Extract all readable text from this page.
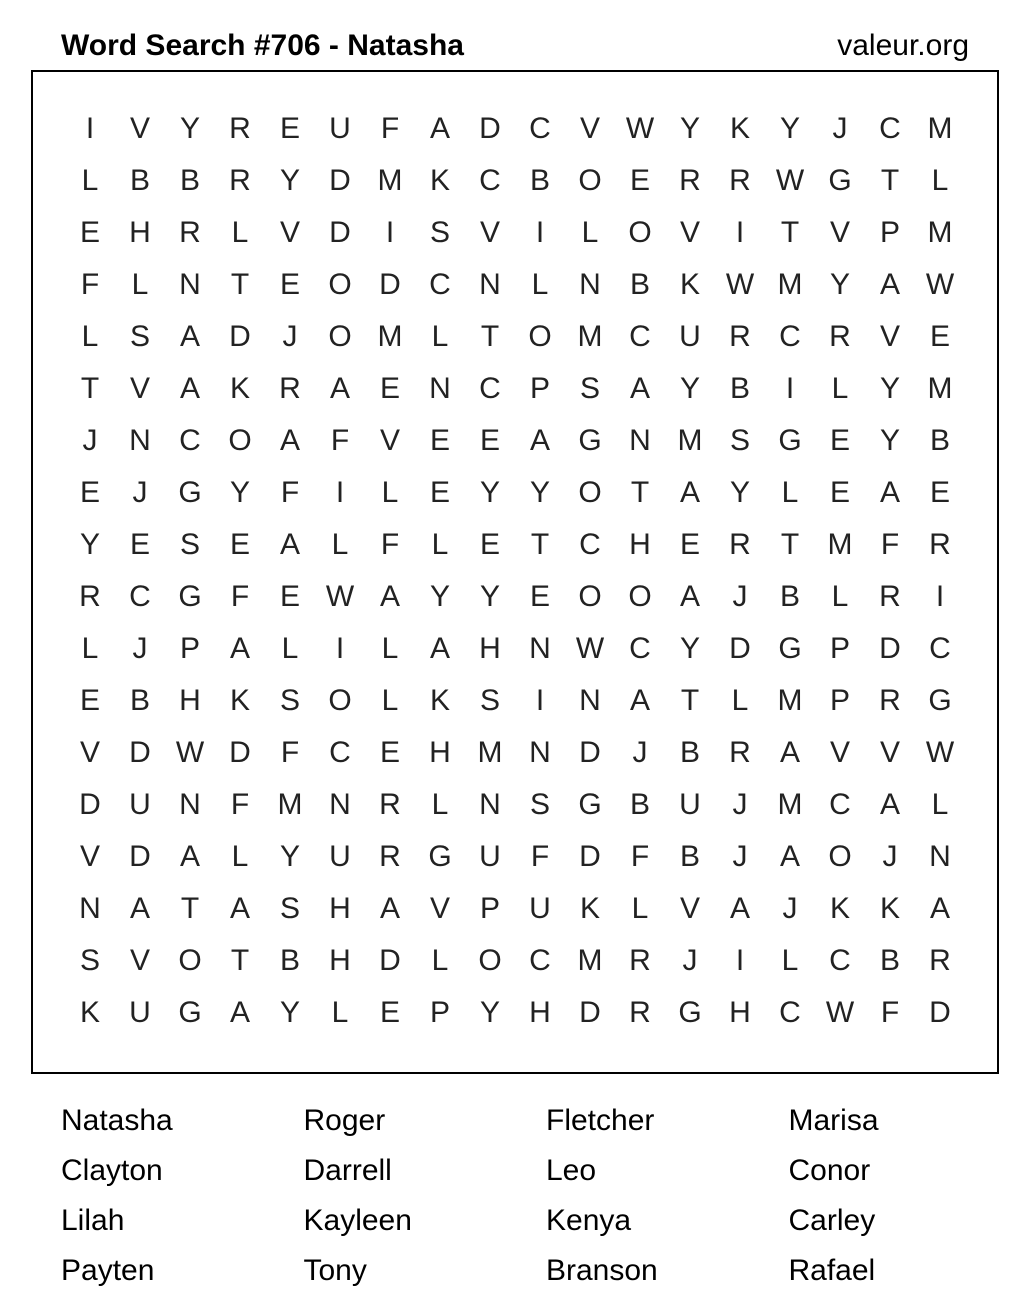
Word Search #706 - Natasha	valeur.org
I	V Y R E U	F	A D C V W Y K Y	J	C M
L	B B R Y D M K C B O E R R W G T	L
E H R	L	V D	I	S V	I	L O V	I	T	V P M
F	L	N	T	E O D C N	L	N B K W M Y A W
L	S A D	J	O M L	T O M C U R C R V E
T	V A K R A E N C P S A Y B	I	L	Y M
J	N C O A	F	V E E A G N M S G E Y B
E	J	G Y	F	I	L	E Y Y O T	A Y	L	E A E
Y E S E A	L	F	L	E	T	C H E R	T M F	R
R C G F	E W A Y Y E O O A	J	B	L	R	I
L	J	P A	L	I	L	A H N W C Y D G P D C
E B H K S O L	K S	I	N A	T	L M P R G
V D W D	F	C E H M N D	J	B R A V V W
D U N	F M N R	L	N S G B U	J	M C A	L
V D A	L	Y U R G U	F	D	F	B	J	A O	J	N
N A	T	A S H A V P U K	L	V A	J	K K A
S V O T	B H D	L O C M R	J	I	L	C B R
K U G A Y	L	E P Y H D R G H C W F	D
Natasha	Roger	Fletcher	Marisa
Clayton	Darrell	Leo	Conor
Lilah	Kayleen	Kenya	Carley
Payten	Tony	Branson	Rafael
